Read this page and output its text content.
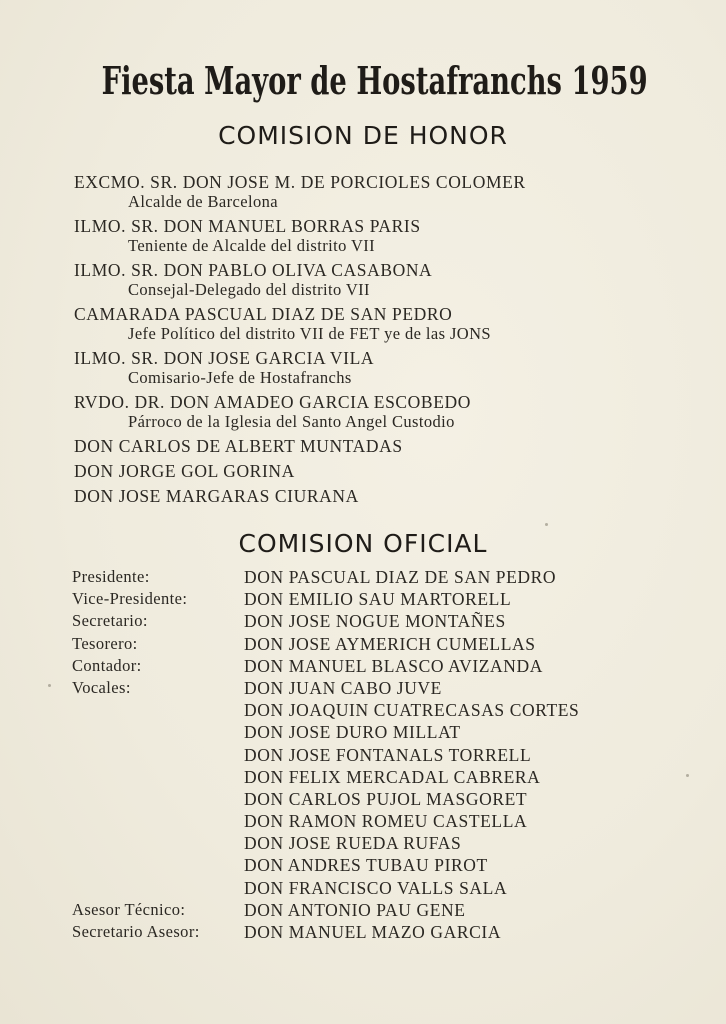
Fiesta Mayor de Hostafranchs 1959
COMISION DE HONOR
EXCMO. SR. DON JOSE M. DE PORCIOLES COLOMER
Alcalde de Barcelona
ILMO. SR. DON MANUEL BORRAS PARIS
Teniente de Alcalde del distrito VII
ILMO. SR. DON PABLO OLIVA CASABONA
Consejal-Delegado del distrito VII
CAMARADA PASCUAL DIAZ DE SAN PEDRO
Jefe Político del distrito VII de FET ye de las JONS
ILMO. SR. DON JOSE GARCIA VILA
Comisario-Jefe de Hostafranchs
RVDO. DR. DON AMADEO GARCIA ESCOBEDO
Párroco de la Iglesia del Santo Angel Custodio
DON CARLOS DE ALBERT MUNTADAS
DON JORGE GOL GORINA
DON JOSE MARGARAS CIURANA
COMISION OFICIAL
Presidente:	DON PASCUAL DIAZ DE SAN PEDRO
Vice-Presidente:	DON EMILIO SAU MARTORELL
Secretario:	DON JOSE NOGUE MONTAÑES
Tesorero:	DON JOSE AYMERICH CUMELLAS
Contador:	DON MANUEL BLASCO AVIZANDA
Vocales:	DON JUAN CABO JUVE
DON JOAQUIN CUATRECASAS CORTES
DON JOSE DURO MILLAT
DON JOSE FONTANALS TORRELL
DON FELIX MERCADAL CABRERA
DON CARLOS PUJOL MASGORET
DON RAMON ROMEU CASTELLA
DON JOSE RUEDA RUFAS
DON ANDRES TUBAU PIROT
DON FRANCISCO VALLS SALA
Asesor Técnico:	DON ANTONIO PAU GENE
Secretario Asesor:	DON MANUEL MAZO GARCIA
